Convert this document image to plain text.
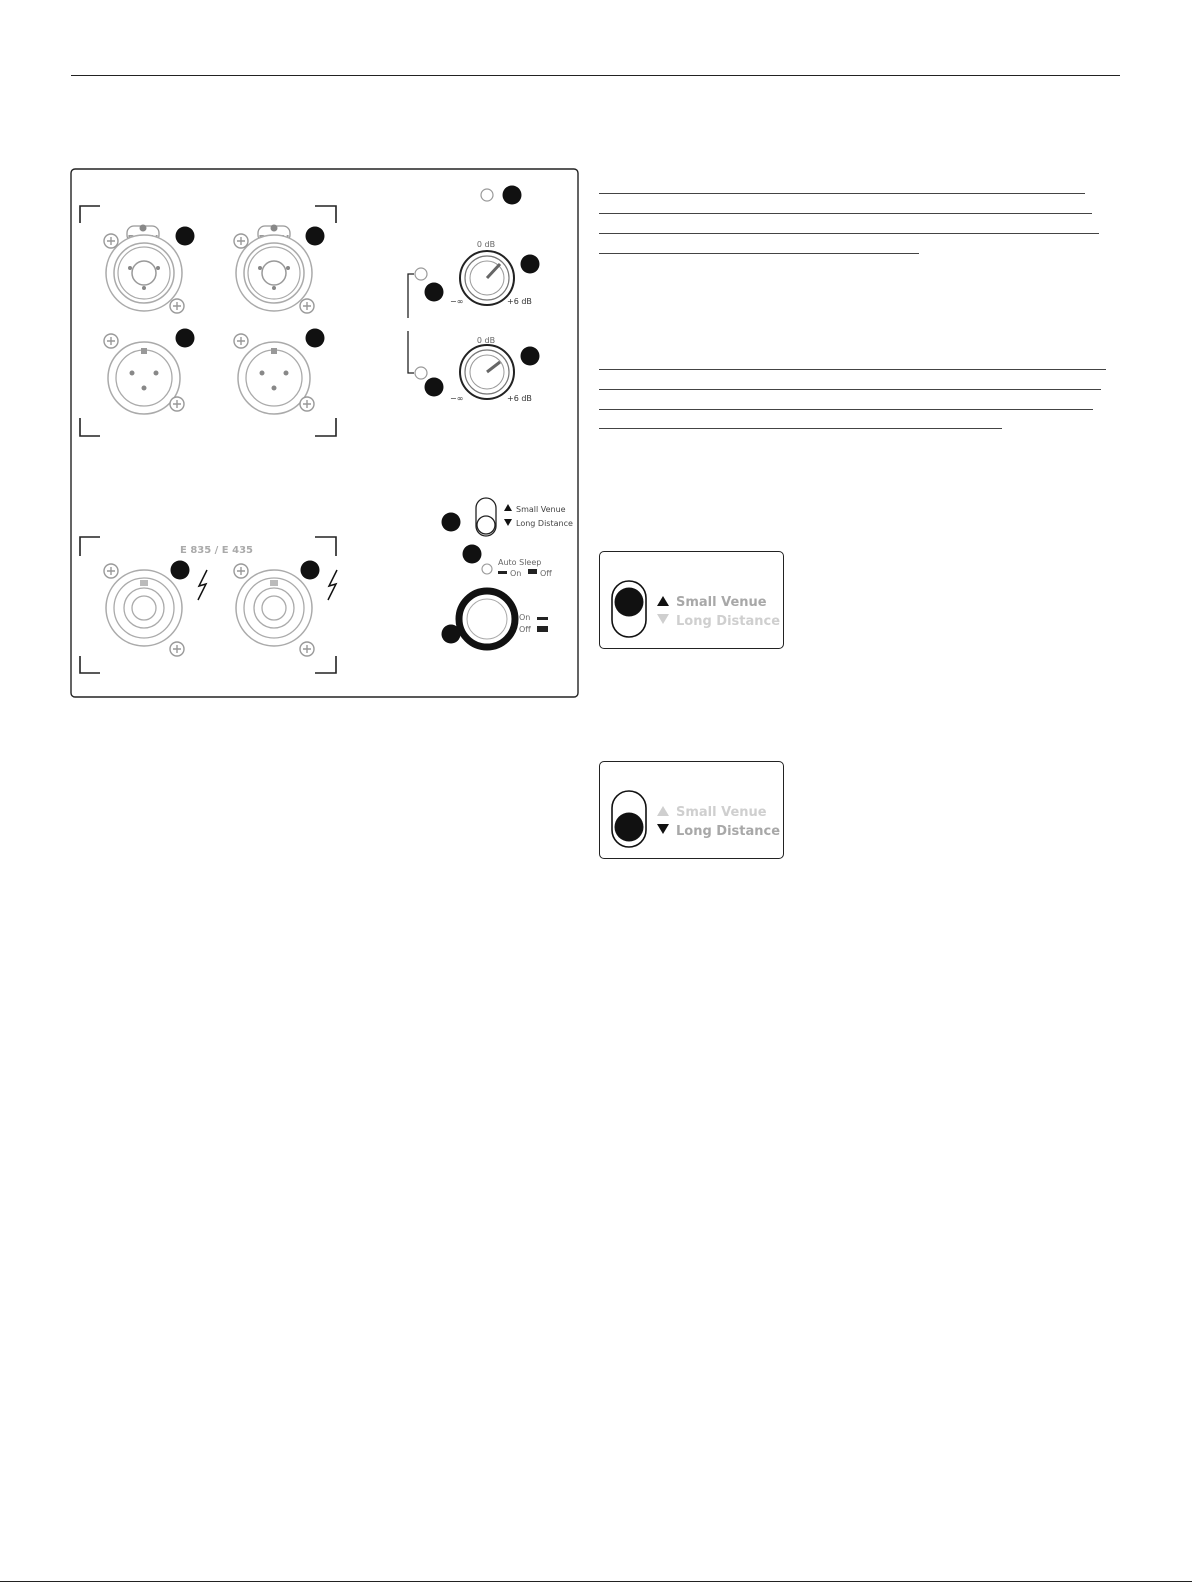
E 835 / E 435
0 dB
−∞	+6 dB
0 dB
−∞	+6 dB
Small Venue
Long Distance
Auto Sleep
On Off
On
Off
Small Venue
Long Distance
Small Venue
Long Distance
